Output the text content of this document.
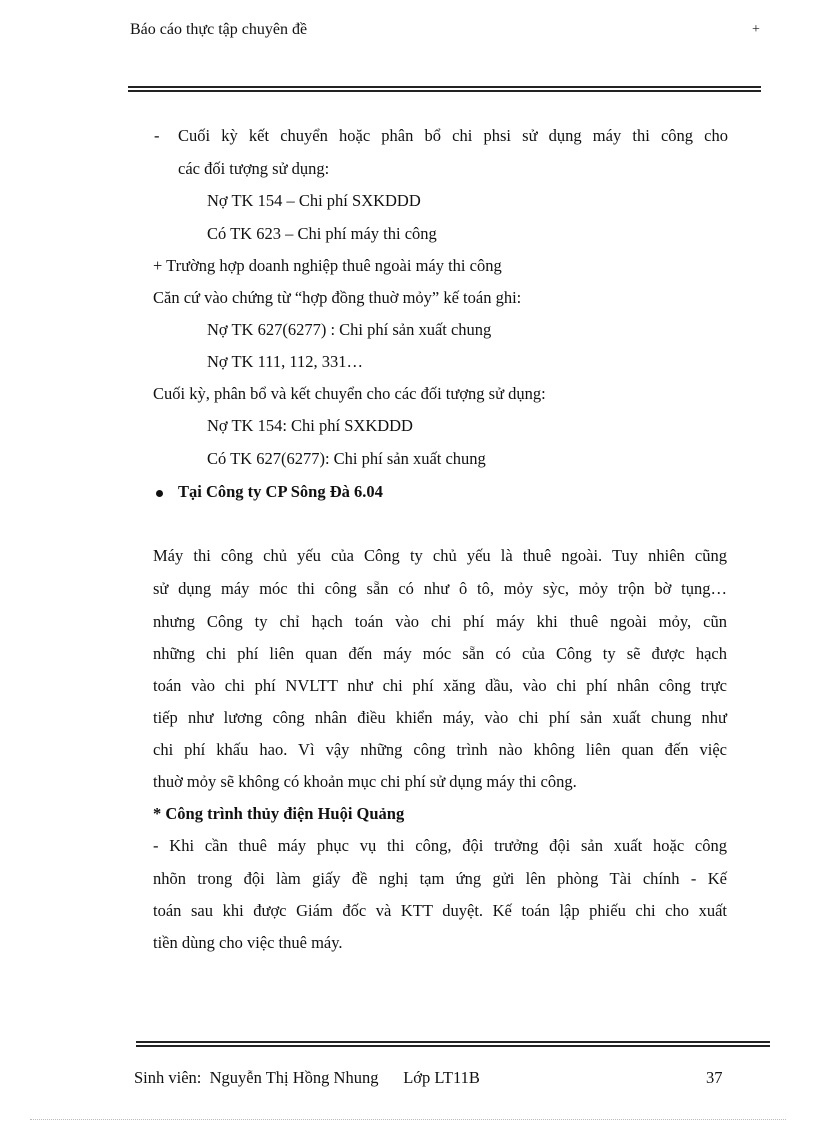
Báo cáo thực tập chuyên đề	+
- Cuối kỳ kết chuyển hoặc phân bổ chi phsi sử dụng máy thi công cho
các đối tượng sử dụng:
Nợ TK 154 – Chi phí SXKDDD
Có TK 623 – Chi phí máy thi công
+ Trường hợp doanh nghiệp thuê ngoài máy thi công
Căn cứ vào chứng từ “hợp đồng thuờ mỏy” kế toán ghi:
Nợ TK 627(6277) : Chi phí sản xuất chung
Nợ TK 111, 112, 331…
Cuối kỳ, phân bổ và kết chuyển cho các đối tượng sử dụng:
Nợ TK 154: Chi phí SXKDDD
Có TK 627(6277): Chi phí sản xuất chung
Tại Công ty CP Sông Đà 6.04
Máy thi công chủ yếu của Công ty chủ yếu là thuê ngoài. Tuy nhiên cũng
sử dụng máy móc thi công sẵn có như ô tô, mỏy sỳc, mỏy trộn bờ tụng…
nhưng Công ty chỉ hạch toán vào chi phí máy khi thuê ngoài mỏy, cũn
những chi phí liên quan đến máy móc sẵn có của Công ty sẽ được hạch
toán vào chi phí NVLTT như chi phí xăng dầu, vào chi phí nhân công trực
tiếp như lương công nhân điều khiển máy, vào chi phí sản xuất chung như
chi phí khấu hao. Vì vậy những công trình nào không liên quan đến việc
thuờ mỏy sẽ không có khoản mục chi phí sử dụng máy thi công.
* Công trình thủy điện Huội Quảng
- Khi cần thuê máy phục vụ thi công, đội trưởng đội sản xuất hoặc công
nhõn trong đội làm giấy đề nghị tạm ứng gửi lên phòng Tài chính - Kế
toán sau khi được Giám đốc và KTT duyệt. Kế toán lập phiếu chi cho xuất
tiền dùng cho việc thuê máy.
Sinh viên:  Nguyễn Thị Hồng Nhung      Lớp LT11B	37
